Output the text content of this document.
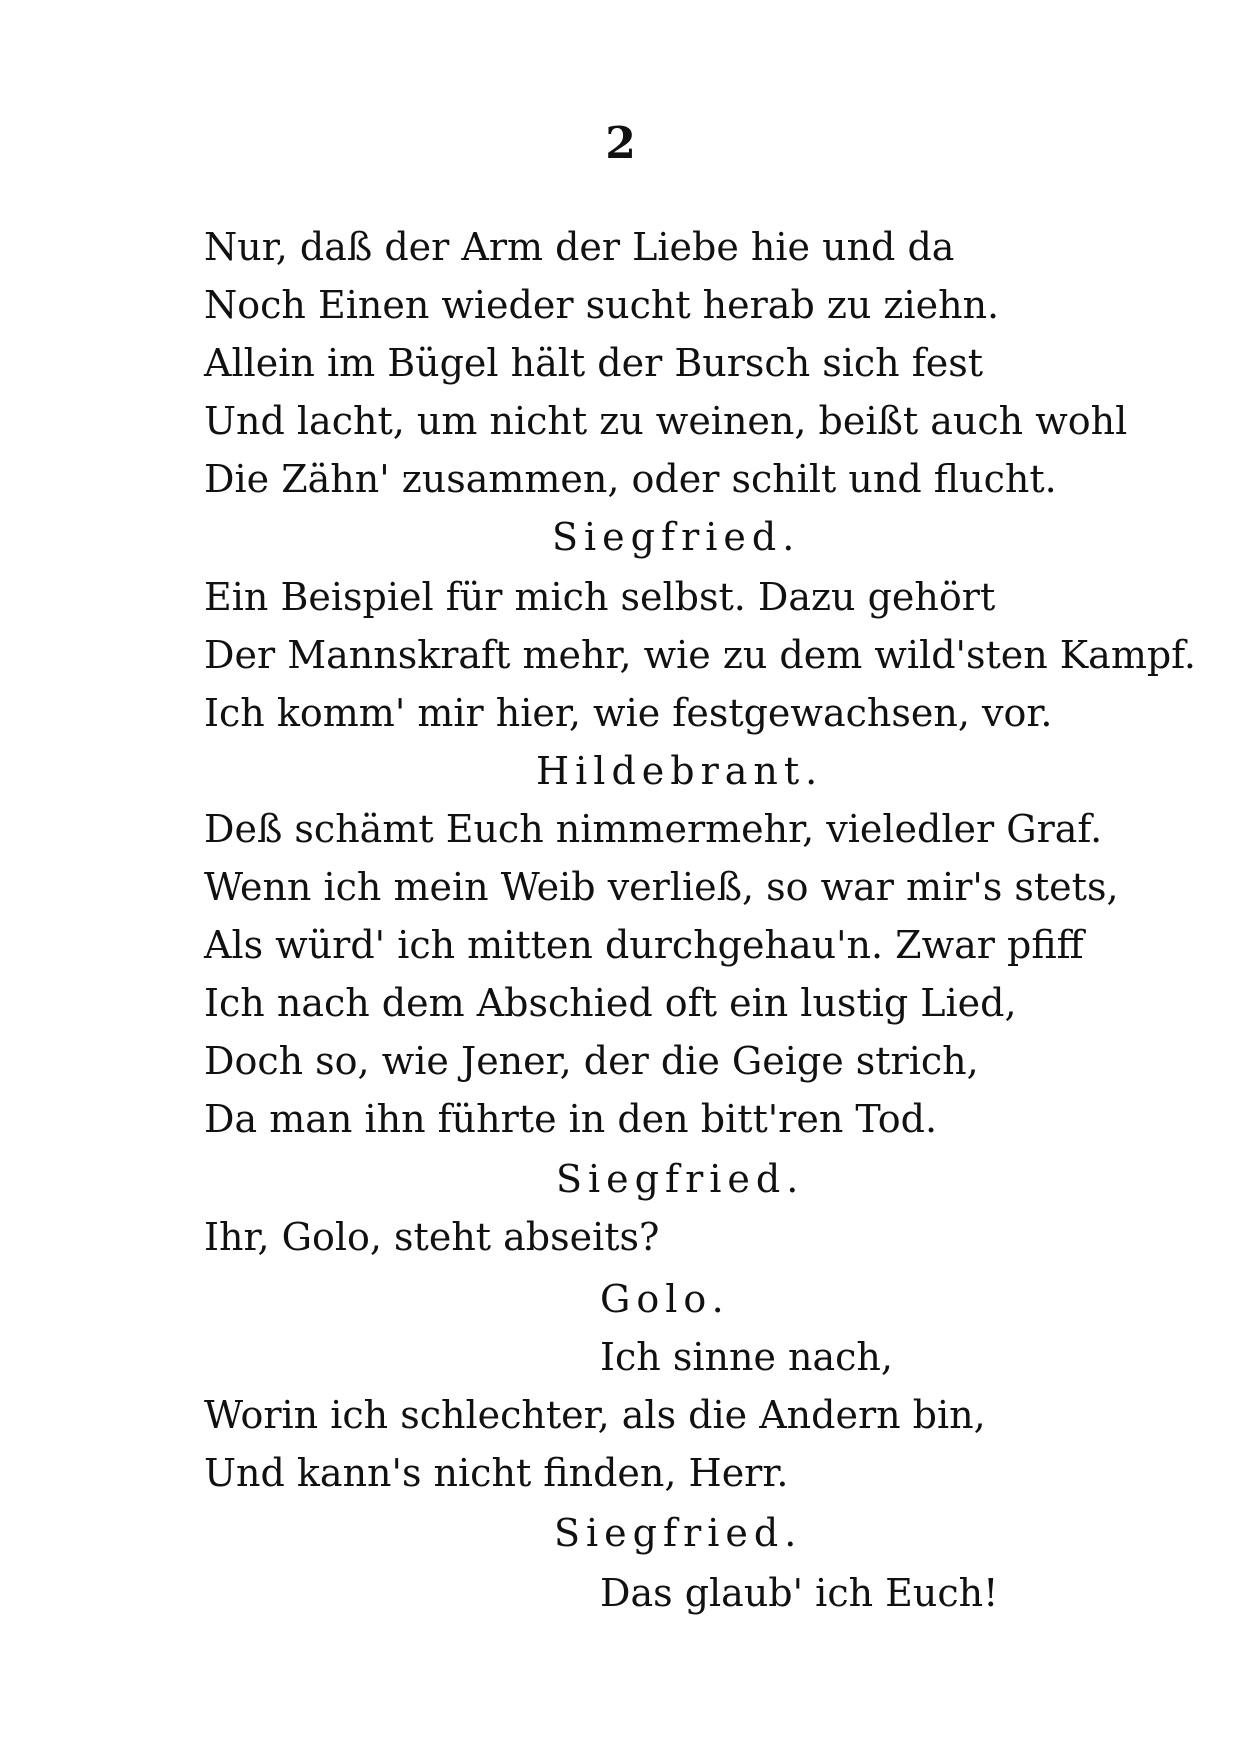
2
Nur, daß der Arm der Liebe hie und da
Noch Einen wieder sucht herab zu ziehn.
Allein im Bügel hält der Bursch sich fest
Und lacht, um nicht zu weinen, beißt auch wohl
Die Zähn' zusammen, oder schilt und flucht.
Siegfried.
Ein Beispiel für mich selbst. Dazu gehört
Der Mannskraft mehr, wie zu dem wild'sten Kampf.
Ich komm' mir hier, wie festgewachsen, vor.
Hildebrant.
Deß schämt Euch nimmermehr, vieledler Graf.
Wenn ich mein Weib verließ, so war mir's stets,
Als würd' ich mitten durchgehau'n. Zwar pfiff
Ich nach dem Abschied oft ein lustig Lied,
Doch so, wie Jener, der die Geige strich,
Da man ihn führte in den bitt'ren Tod.
Siegfried.
Ihr, Golo, steht abseits?
Golo.
Ich sinne nach,
Worin ich schlechter, als die Andern bin,
Und kann's nicht finden, Herr.
Siegfried.
Das glaub' ich Euch!
